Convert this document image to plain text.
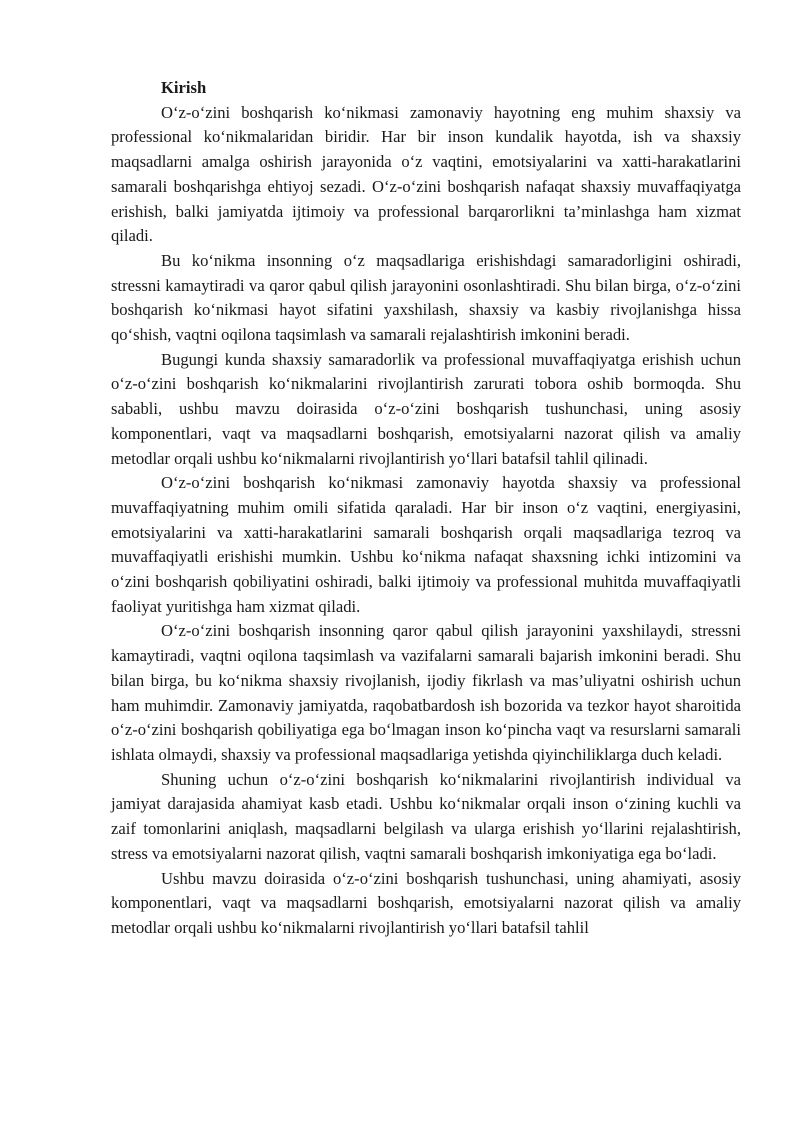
Kirish

O‘z-o‘zini boshqarish ko‘nikmasi zamonaviy hayotning eng muhim shaxsiy va professional ko‘nikmalaridan biridir. Har bir inson kundalik hayotda, ish va shaxsiy maqsadlarni amalga oshirish jarayonida o‘z vaqtini, emotsiyalarini va xatti-harakatlarini samarali boshqarishga ehtiyoj sezadi. O‘z-o‘zini boshqarish nafaqat shaxsiy muvaffaqiyatga erishish, balki jamiyatda ijtimoiy va professional barqarorlikni ta’minlashga ham xizmat qiladi.

Bu ko‘nikma insonning o‘z maqsadlariga erishishdagi samaradorligini oshiradi, stressni kamaytiradi va qaror qabul qilish jarayonini osonlashtiradi. Shu bilan birga, o‘z-o‘zini boshqarish ko‘nikmasi hayot sifatini yaxshilash, shaxsiy va kasbiy rivojlanishga hissa qo‘shish, vaqtni oqilona taqsimlash va samarali rejalashtirish imkonini beradi.

Bugungi kunda shaxsiy samaradorlik va professional muvaffaqiyatga erishish uchun o‘z-o‘zini boshqarish ko‘nikmalarini rivojlantirish zarurati tobora oshib bormoqda. Shu sababli, ushbu mavzu doirasida o‘z-o‘zini boshqarish tushunchasi, uning asosiy komponentlari, vaqt va maqsadlarni boshqarish, emotsiyalarni nazorat qilish va amaliy metodlar orqali ushbu ko‘nikmalarni rivojlantirish yo‘llari batafsil tahlil qilinadi.

O‘z-o‘zini boshqarish ko‘nikmasi zamonaviy hayotda shaxsiy va professional muvaffaqiyatning muhim omili sifatida qaraladi. Har bir inson o‘z vaqtini, energiyasini, emotsiyalarini va xatti-harakatlarini samarali boshqarish orqali maqsadlariga tezroq va muvaffaqiyatli erishishi mumkin. Ushbu ko‘nikma nafaqat shaxsning ichki intizomini va o‘zini boshqarish qobiliyatini oshiradi, balki ijtimoiy va professional muhitda muvaffaqiyatli faoliyat yuritishga ham xizmat qiladi.

O‘z-o‘zini boshqarish insonning qaror qabul qilish jarayonini yaxshilaydi, stressni kamaytiradi, vaqtni oqilona taqsimlash va vazifalarni samarali bajarish imkonini beradi. Shu bilan birga, bu ko‘nikma shaxsiy rivojlanish, ijodiy fikrlash va mas’uliyatni oshirish uchun ham muhimdir. Zamonaviy jamiyatda, raqobatbardosh ish bozorida va tezkor hayot sharoitida o‘z-o‘zini boshqarish qobiliyatiga ega bo‘lmagan inson ko‘pincha vaqt va resurslarni samarali ishlata olmaydi, shaxsiy va professional maqsadlariga yetishda qiyinchiliklarga duch keladi.

Shuning uchun o‘z-o‘zini boshqarish ko‘nikmalarini rivojlantirish individual va jamiyat darajasida ahamiyat kasb etadi. Ushbu ko‘nikmalar orqali inson o‘zining kuchli va zaif tomonlarini aniqlash, maqsadlarni belgilash va ularga erishish yo‘llarini rejalashtirish, stress va emotsiyalarni nazorat qilish, vaqtni samarali boshqarish imkoniyatiga ega bo‘ladi.

Ushbu mavzu doirasida o‘z-o‘zini boshqarish tushunchasi, uning ahamiyati, asosiy komponentlari, vaqt va maqsadlarni boshqarish, emotsiyalarni nazorat qilish va amaliy metodlar orqali ushbu ko‘nikmalarni rivojlantirish yo‘llari batafsil tahlil
